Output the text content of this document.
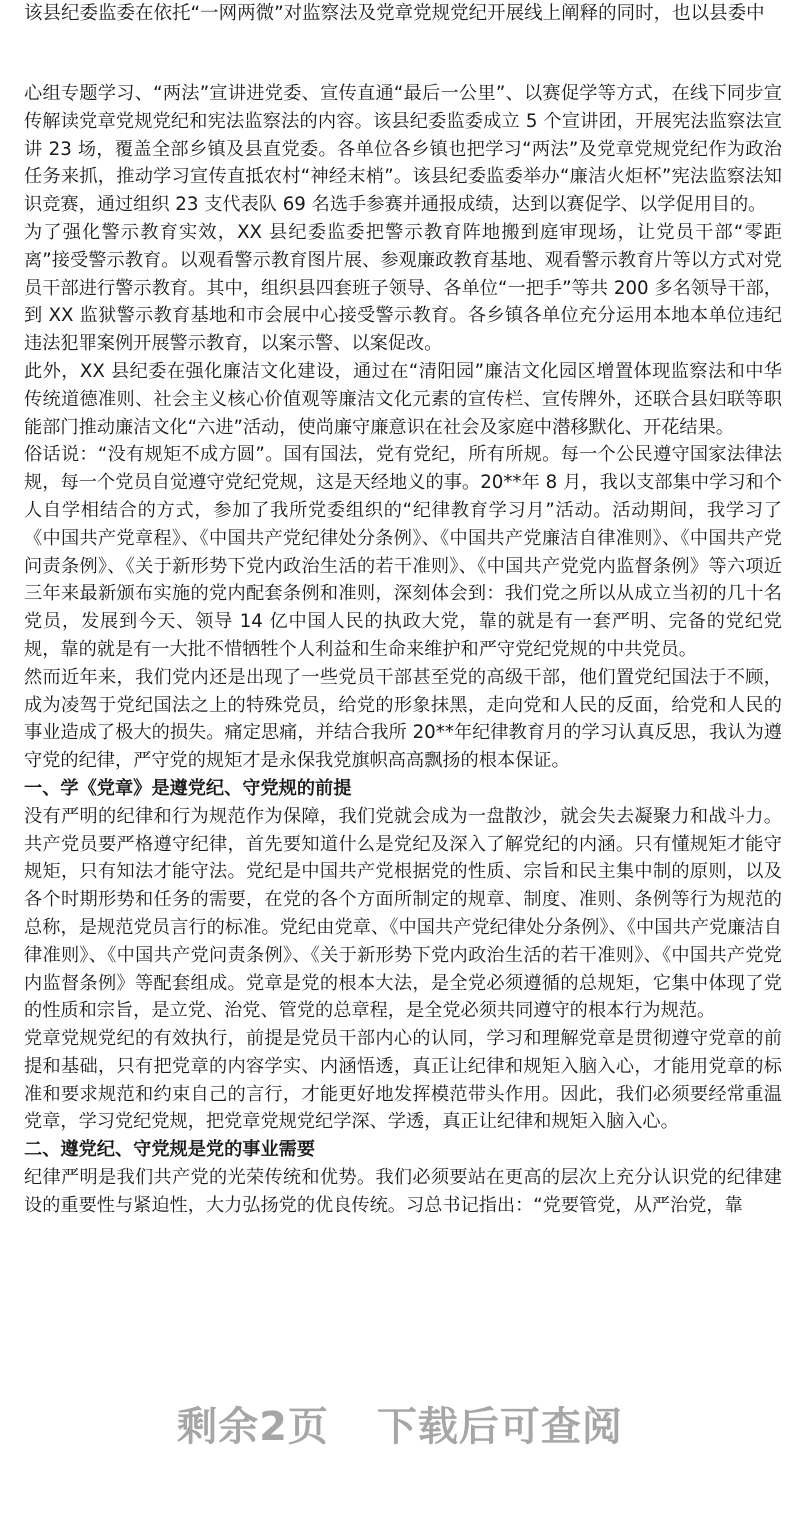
该县纪委监委在依托“一网两微”对监察法及党章党规党纪开展线上阐释的同时，也以县委中

心组专题学习、“两法”宣讲进党委、宣传直通“最后一公里”、以赛促学等方式，在线下同步宣传解读党章党规党纪和宪法监察法的内容。该县纪委监委成立 5 个宣讲团，开展宪法监察法宣讲 23 场，覆盖全部乡镇及县直党委。各单位各乡镇也把学习“两法”及党章党规党纪作为政治任务来抓，推动学习宣传直抵农村“神经末梢”。该县纪委监委举办“廉洁火炬杯”宪法监察法知识竞赛，通过组织 23 支代表队 69 名选手参赛并通报成绩，达到以赛促学、以学促用目的。

为了强化警示教育实效，XX 县纪委监委把警示教育阵地搬到庭审现场，让党员干部“零距离”接受警示教育。以观看警示教育图片展、参观廉政教育基地、观看警示教育片等以方式对党员干部进行警示教育。其中，组织县四套班子领导、各单位“一把手”等共 200 多名领导干部，到 XX 监狱警示教育基地和市会展中心接受警示教育。各乡镇各单位充分运用本地本单位违纪违法犯罪案例开展警示教育，以案示警、以案促改。

此外，XX 县纪委在强化廉洁文化建设，通过在“清阳园”廉洁文化园区增置体现监察法和中华传统道德准则、社会主义核心价值观等廉洁文化元素的宣传栏、宣传牌外，还联合县妇联等职能部门推动廉洁文化“六进”活动，使尚廉守廉意识在社会及家庭中潜移默化、开花结果。

俗话说：“没有规矩不成方圆”。国有国法，党有党纪，所有所规。每一个公民遵守国家法律法规，每一个党员自觉遵守党纪党规，这是天经地义的事。20**年 8 月，我以支部集中学习和个人自学相结合的方式，参加了我所党委组织的“纪律教育学习月”活动。活动期间，我学习了《中国共产党章程》、《中国共产党纪律处分条例》、《中国共产党廉洁自律准则》、《中国共产党问责条例》、《关于新形势下党内政治生活的若干准则》、《中国共产党党内监督条例》等六项近三年来最新颁布实施的党内配套条例和准则，深刻体会到：我们党之所以从成立当初的几十名党员，发展到今天、领导 14 亿中国人民的执政大党，靠的就是有一套严明、完备的党纪党规，靠的就是有一大批不惜牺牲个人利益和生命来维护和严守党纪党规的中共党员。

然而近年来，我们党内还是出现了一些党员干部甚至党的高级干部，他们置党纪国法于不顾，成为凌驾于党纪国法之上的特殊党员，给党的形象抹黑，走向党和人民的反面，给党和人民的事业造成了极大的损失。痛定思痛，并结合我所 20**年纪律教育月的学习认真反思，我认为遵守党的纪律，严守党的规矩才是永保我党旗帜高高飘扬的根本保证。

一、学《党章》是遵党纪、守党规的前提

没有严明的纪律和行为规范作为保障，我们党就会成为一盘散沙，就会失去凝聚力和战斗力。共产党员要严格遵守纪律，首先要知道什么是党纪及深入了解党纪的内涵。只有懂规矩才能守规矩，只有知法才能守法。党纪是中国共产党根据党的性质、宗旨和民主集中制的原则，以及各个时期形势和任务的需要，在党的各个方面所制定的规章、制度、准则、条例等行为规范的总称，是规范党员言行的标准。党纪由党章、《中国共产党纪律处分条例》、《中国共产党廉洁自律准则》、《中国共产党问责条例》、《关于新形势下党内政治生活的若干准则》、《中国共产党党内监督条例》等配套组成。党章是党的根本大法，是全党必须遵循的总规矩，它集中体现了党的性质和宗旨，是立党、治党、管党的总章程，是全党必须共同遵守的根本行为规范。

党章党规党纪的有效执行，前提是党员干部内心的认同，学习和理解党章是贯彻遵守党章的前提和基础，只有把党章的内容学实、内涵悟透，真正让纪律和规矩入脑入心，才能用党章的标准和要求规范和约束自己的言行，才能更好地发挥模范带头作用。因此，我们必须要经常重温党章，学习党纪党规，把党章党规党纪学深、学透，真正让纪律和规矩入脑入心。

二、遵党纪、守党规是党的事业需要

纪律严明是我们共产党的光荣传统和优势。我们必须要站在更高的层次上充分认识党的纪律建设的重要性与紧迫性，大力弘扬党的优良传统。习总书记指出：“党要管党，从严治党，靠

剩余2页 下载后可查阅
